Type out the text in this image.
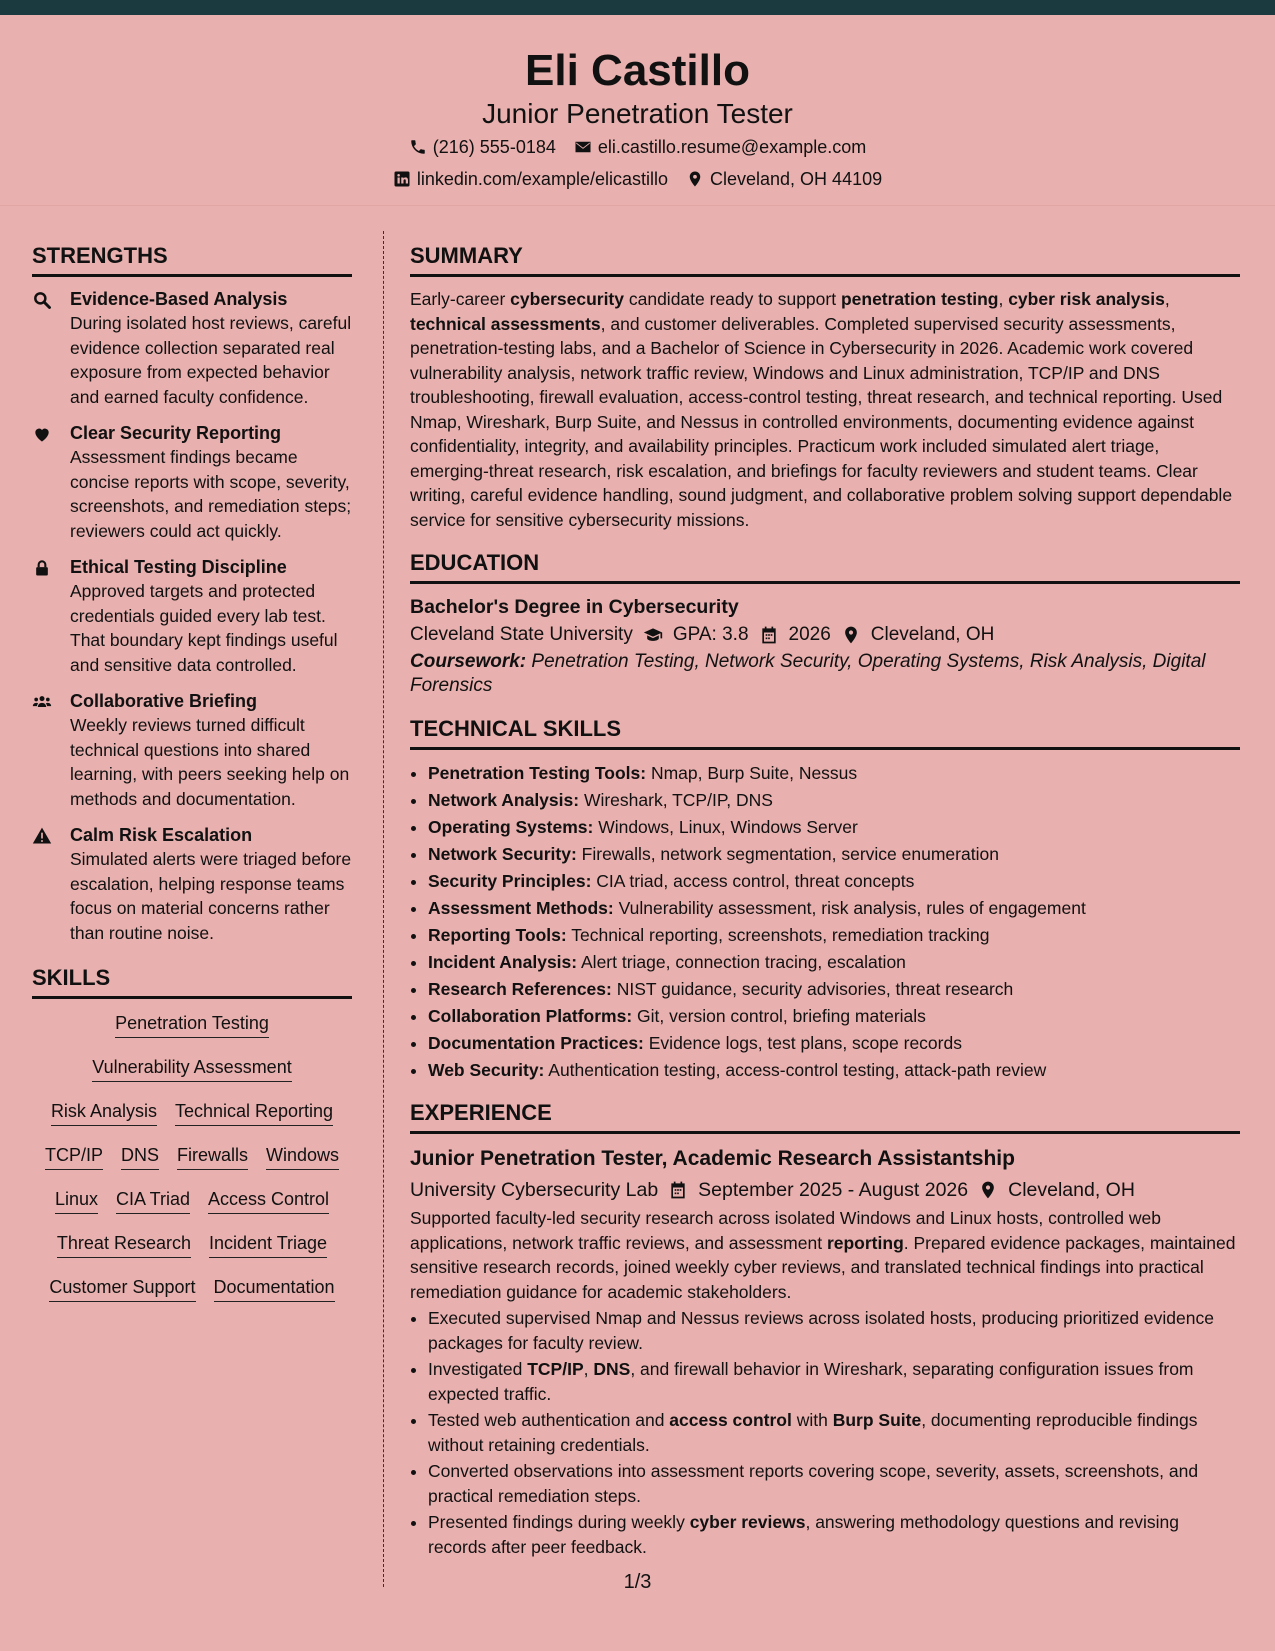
Eli Castillo
Junior Penetration Tester
(216) 555-0184 eli.castillo.resume@example.com
linkedin.com/example/elicastillo Cleveland, OH 44109
STRENGTHS
Evidence-Based Analysis
During isolated host reviews, careful evidence collection separated real exposure from expected behavior and earned faculty confidence.
Clear Security Reporting
Assessment findings became concise reports with scope, severity, screenshots, and remediation steps; reviewers could act quickly.
Ethical Testing Discipline
Approved targets and protected credentials guided every lab test. That boundary kept findings useful and sensitive data controlled.
Collaborative Briefing
Weekly reviews turned difficult technical questions into shared learning, with peers seeking help on methods and documentation.
Calm Risk Escalation
Simulated alerts were triaged before escalation, helping response teams focus on material concerns rather than routine noise.
SKILLS
Penetration Testing
Vulnerability Assessment
Risk Analysis Technical Reporting
TCP/IP DNS Firewalls Windows
Linux CIA Triad Access Control
Threat Research Incident Triage
Customer Support Documentation
SUMMARY
Early-career cybersecurity candidate ready to support penetration testing, cyber risk analysis, technical assessments, and customer deliverables. Completed supervised security assessments, penetration-testing labs, and a Bachelor of Science in Cybersecurity in 2026. Academic work covered vulnerability analysis, network traffic review, Windows and Linux administration, TCP/IP and DNS troubleshooting, firewall evaluation, access-control testing, threat research, and technical reporting. Used Nmap, Wireshark, Burp Suite, and Nessus in controlled environments, documenting evidence against confidentiality, integrity, and availability principles. Practicum work included simulated alert triage, emerging-threat research, risk escalation, and briefings for faculty reviewers and student teams. Clear writing, careful evidence handling, sound judgment, and collaborative problem solving support dependable service for sensitive cybersecurity missions.
EDUCATION
Bachelor's Degree in Cybersecurity
Cleveland State University GPA: 3.8 2026 Cleveland, OH
Coursework: Penetration Testing, Network Security, Operating Systems, Risk Analysis, Digital Forensics
TECHNICAL SKILLS
• Penetration Testing Tools: Nmap, Burp Suite, Nessus
• Network Analysis: Wireshark, TCP/IP, DNS
• Operating Systems: Windows, Linux, Windows Server
• Network Security: Firewalls, network segmentation, service enumeration
• Security Principles: CIA triad, access control, threat concepts
• Assessment Methods: Vulnerability assessment, risk analysis, rules of engagement
• Reporting Tools: Technical reporting, screenshots, remediation tracking
• Incident Analysis: Alert triage, connection tracing, escalation
• Research References: NIST guidance, security advisories, threat research
• Collaboration Platforms: Git, version control, briefing materials
• Documentation Practices: Evidence logs, test plans, scope records
• Web Security: Authentication testing, access-control testing, attack-path review
EXPERIENCE
Junior Penetration Tester, Academic Research Assistantship
University Cybersecurity Lab September 2025 - August 2026 Cleveland, OH
Supported faculty-led security research across isolated Windows and Linux hosts, controlled web applications, network traffic reviews, and assessment reporting. Prepared evidence packages, maintained sensitive research records, joined weekly cyber reviews, and translated technical findings into practical remediation guidance for academic stakeholders.
• Executed supervised Nmap and Nessus reviews across isolated hosts, producing prioritized evidence packages for faculty review.
• Investigated TCP/IP, DNS, and firewall behavior in Wireshark, separating configuration issues from expected traffic.
• Tested web authentication and access control with Burp Suite, documenting reproducible findings without retaining credentials.
• Converted observations into assessment reports covering scope, severity, assets, screenshots, and practical remediation steps.
• Presented findings during weekly cyber reviews, answering methodology questions and revising records after peer feedback.
1/3
